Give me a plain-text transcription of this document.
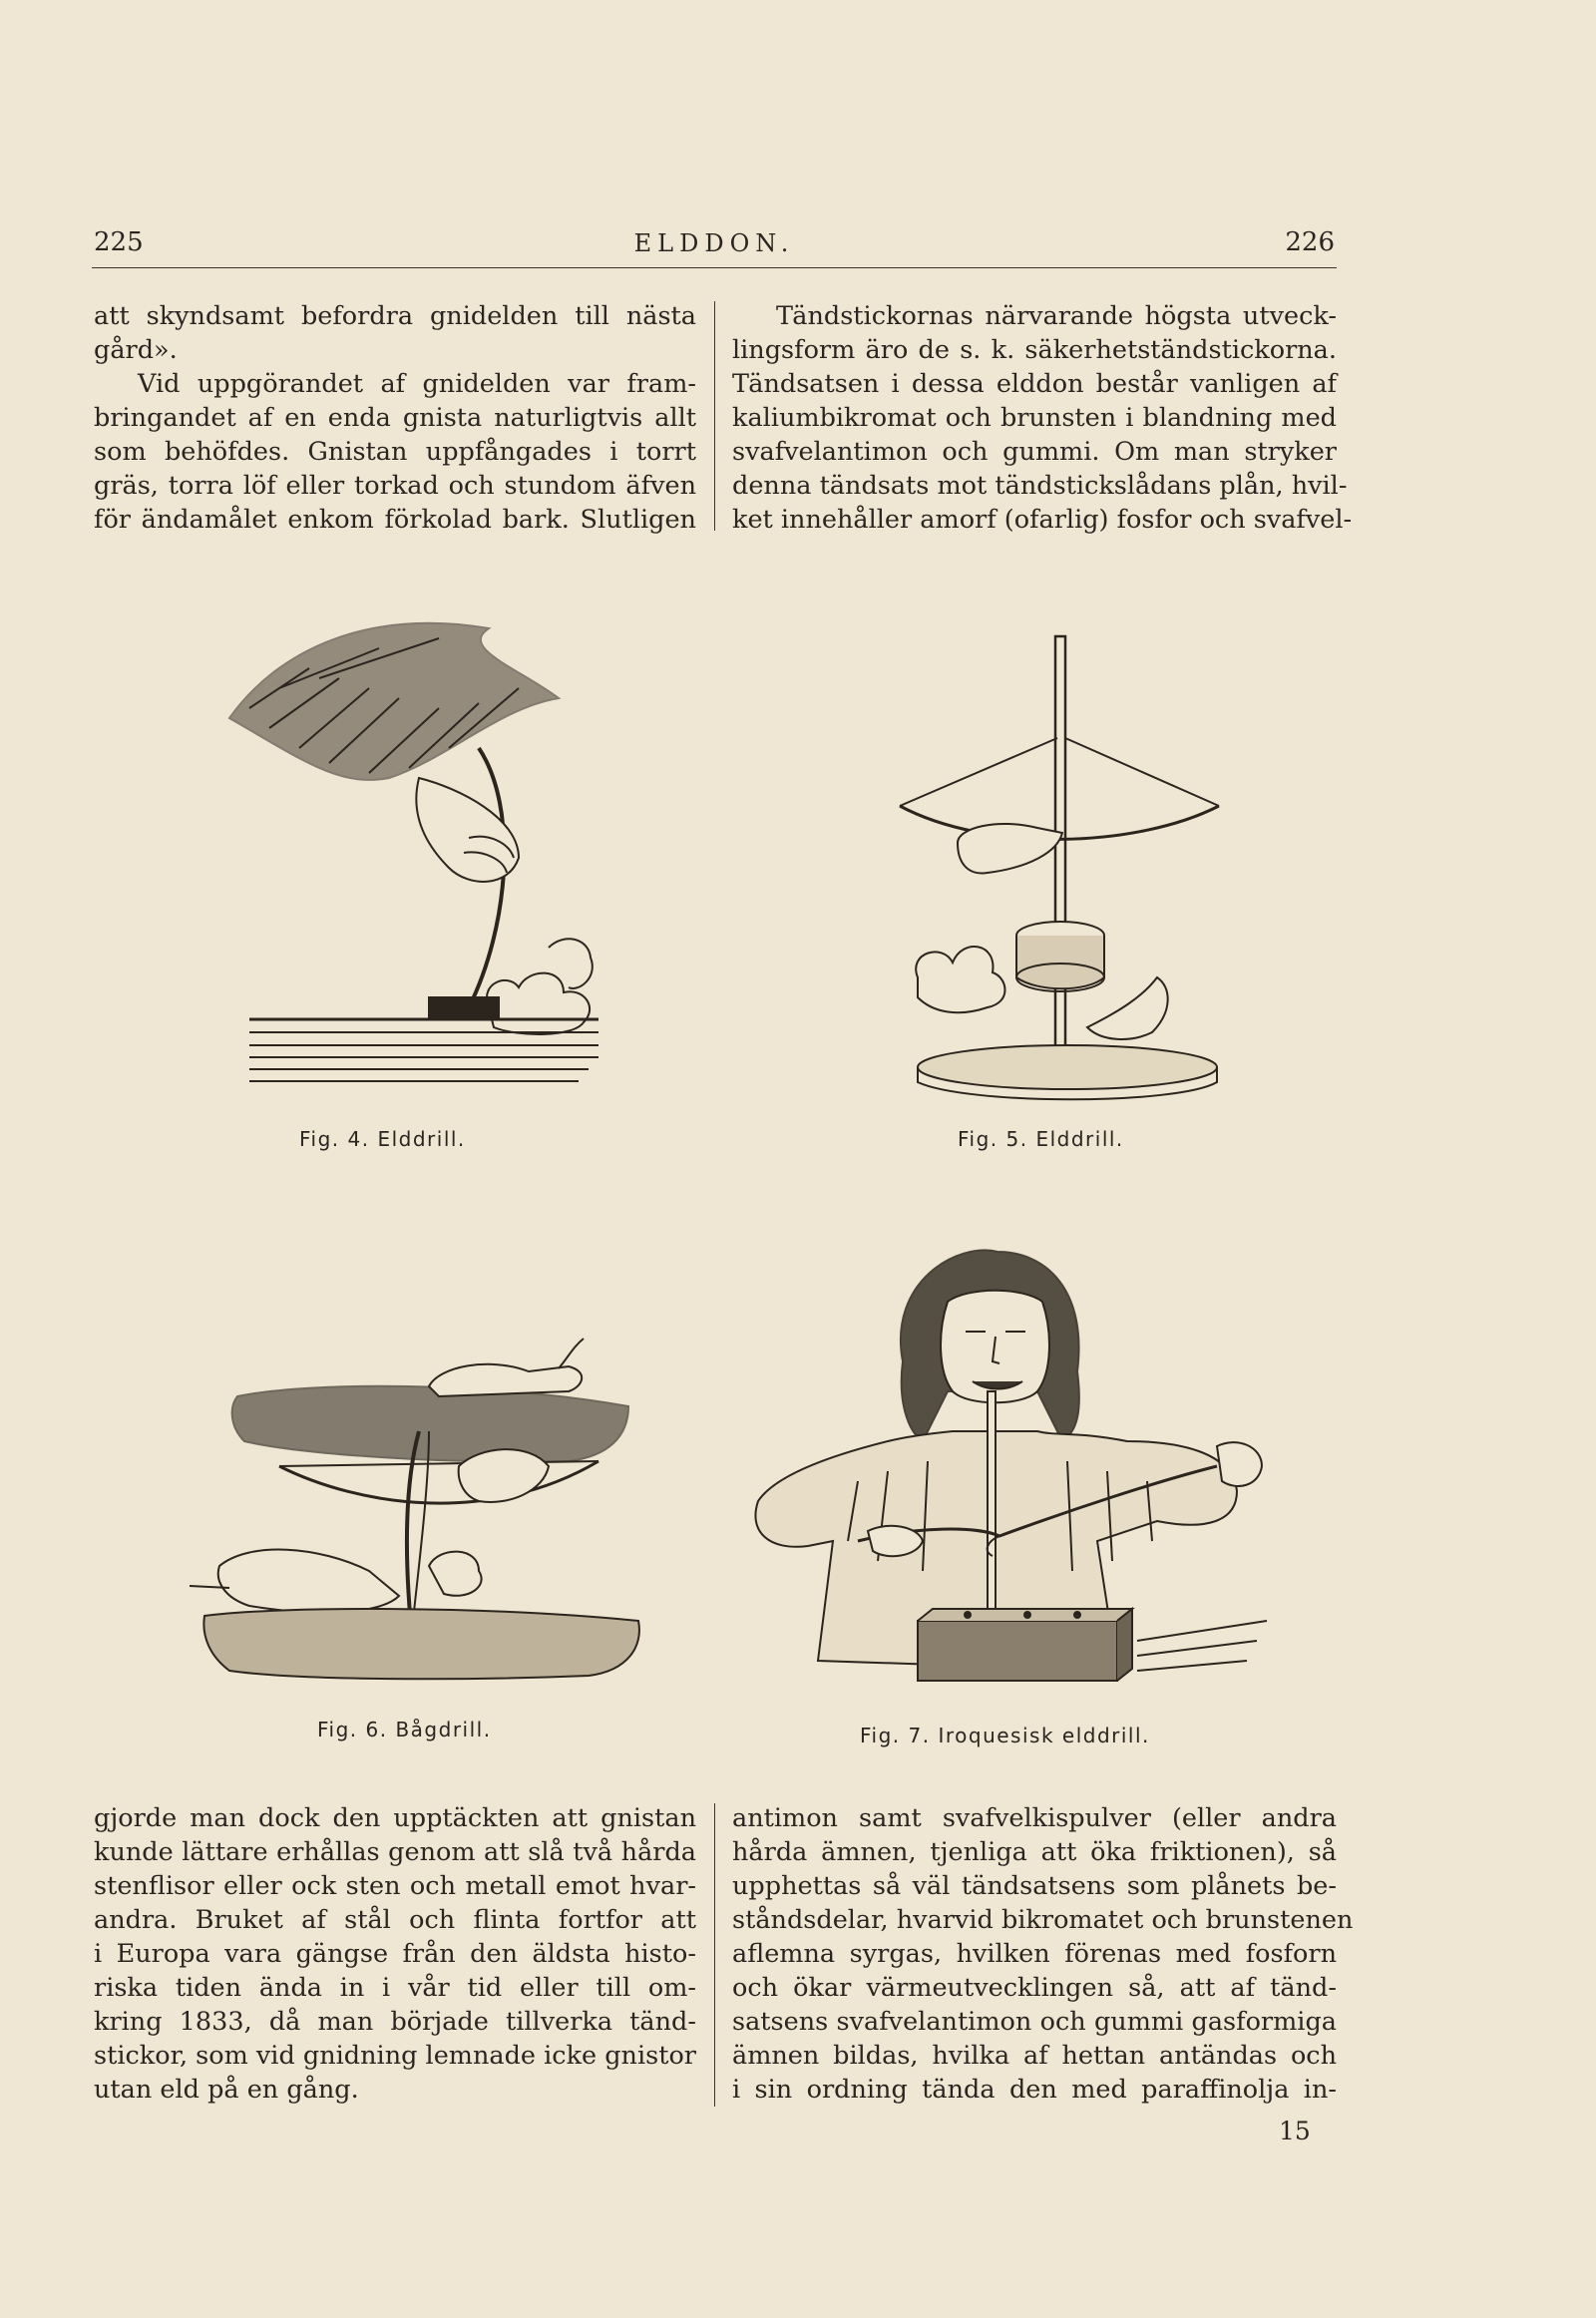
225	ELDDON.	226
att skyndsamt befordra gnidelden till nästa
gård».
Vid uppgörandet af gnidelden var fram-
bringandet af en enda gnista naturligtvis allt
som behöfdes. Gnistan uppfångades i torrt
gräs, torra löf eller torkad och stundom äfven
för ändamålet enkom förkolad bark. Slutligen
Tändstickornas närvarande högsta utveck-
lingsform äro de s. k. säkerhetständstickorna.
Tändsatsen i dessa elddon består vanligen af
kaliumbikromat och brunsten i blandning med
svafvelantimon och gummi. Om man stryker
denna tändsats mot tändstickslådans plån, hvil-
ket innehåller amorf (ofarlig) fosfor och svafvel-
Fig. 4. Elddrill.	Fig. 5. Elddrill.
Fig. 6. Bågdrill.	Fig. 7. Iroquesisk elddrill.
gjorde man dock den upptäckten att gnistan
kunde lättare erhållas genom att slå två hårda
stenflisor eller ock sten och metall emot hvar-
andra. Bruket af stål och flinta fortfor att
i Europa vara gängse från den äldsta histo-
riska tiden ända in i vår tid eller till om-
kring 1833, då man började tillverka tänd-
stickor, som vid gnidning lemnade icke gnistor
utan eld på en gång.
antimon samt svafvelkispulver (eller andra
hårda ämnen, tjenliga att öka friktionen), så
upphettas så väl tändsatsens som plånets be-
ståndsdelar, hvarvid bikromatet och brunstenen
aflemna syrgas, hvilken förenas med fosforn
och ökar värmeutvecklingen så, att af tänd-
satsens svafvelantimon och gummi gasformiga
ämnen bildas, hvilka af hettan antändas och
i sin ordning tända den med paraffinolja in-
15
